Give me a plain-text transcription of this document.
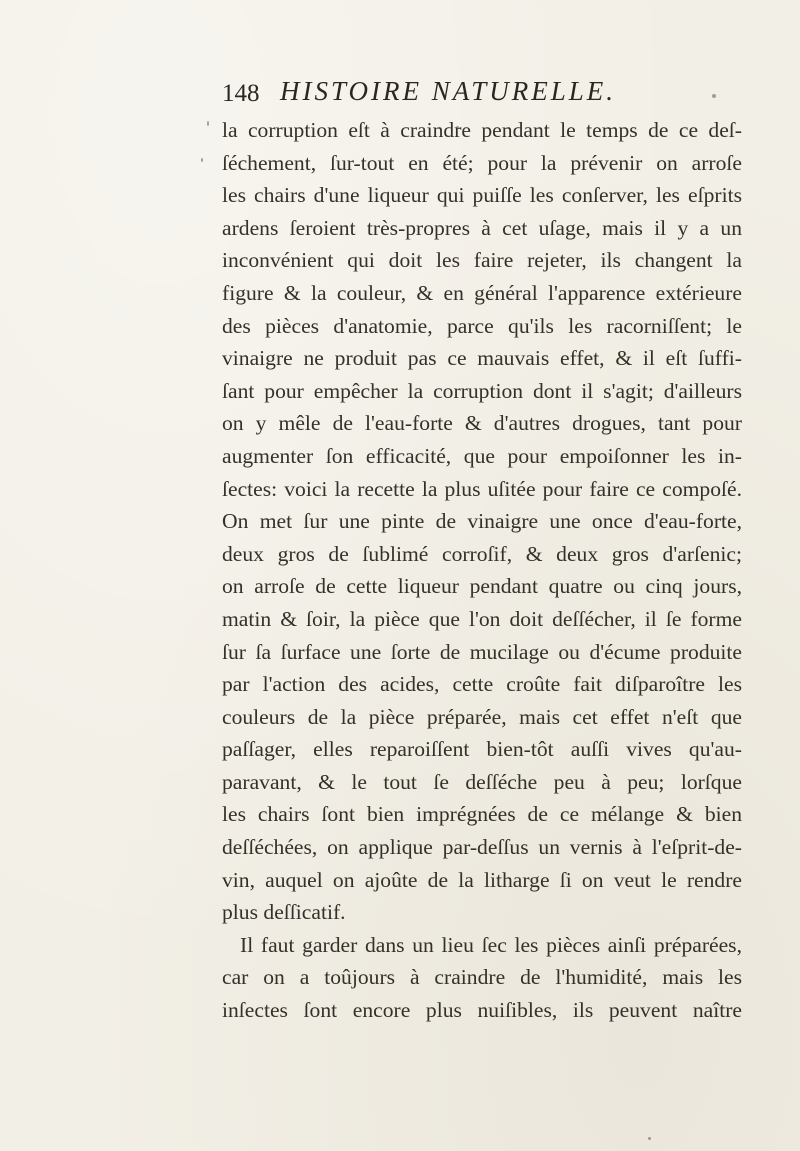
148 HISTOIRE NATURELLE.
la corruption eſt à craindre pendant le temps de ce deſ-
ſéchement, ſur-tout en été; pour la prévenir on arroſe
les chairs d'une liqueur qui puiſſe les conſerver, les eſprits
ardens ſeroient très-propres à cet uſage, mais il y a un
inconvénient qui doit les faire rejeter, ils changent la
figure & la couleur, & en général l'apparence extérieure
des pièces d'anatomie, parce qu'ils les racorniſſent; le
vinaigre ne produit pas ce mauvais effet, & il eſt ſuffi-
ſant pour empêcher la corruption dont il s'agit; d'ailleurs
on y mêle de l'eau-forte & d'autres drogues, tant pour
augmenter ſon efficacité, que pour empoiſonner les in-
ſectes: voici la recette la plus uſitée pour faire ce compoſé.
On met ſur une pinte de vinaigre une once d'eau-forte,
deux gros de ſublimé corroſif, & deux gros d'arſenic;
on arroſe de cette liqueur pendant quatre ou cinq jours,
matin & ſoir, la pièce que l'on doit deſſécher, il ſe forme
ſur ſa ſurface une ſorte de mucilage ou d'écume produite
par l'action des acides, cette croûte fait diſparoître les
couleurs de la pièce préparée, mais cet effet n'eſt que
paſſager, elles reparoiſſent bien-tôt auſſi vives qu'au-
paravant, & le tout ſe deſſéche peu à peu; lorſque
les chairs ſont bien imprégnées de ce mélange & bien
deſſéchées, on applique par-deſſus un vernis à l'eſprit-de-
vin, auquel on ajoûte de la litharge ſi on veut le rendre
plus deſſicatif.
Il faut garder dans un lieu ſec les pièces ainſi préparées,
car on a toûjours à craindre de l'humidité, mais les
inſectes ſont encore plus nuiſibles, ils peuvent naître
